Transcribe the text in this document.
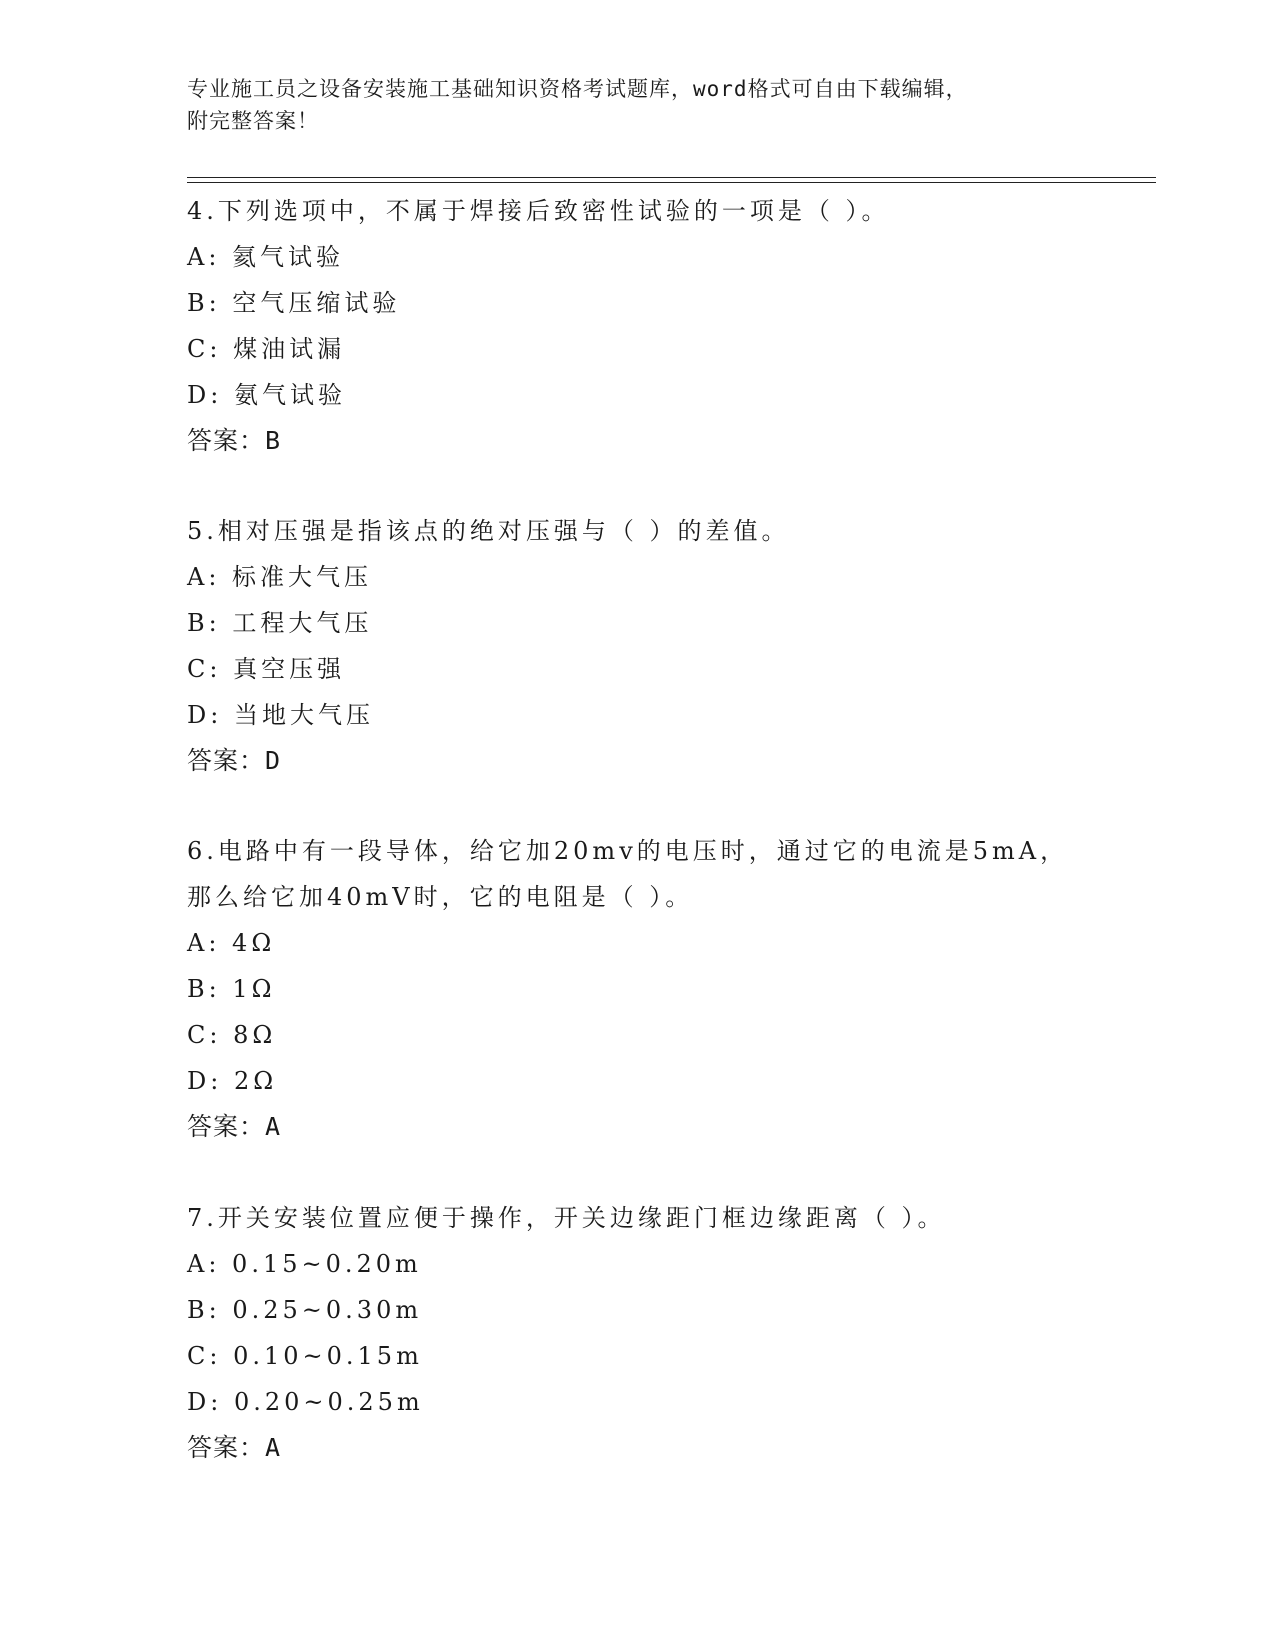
专业施工员之设备安装施工基础知识资格考试题库，word格式可自由下载编辑，
附完整答案！
4.下列选项中，不属于焊接后致密性试验的一项是（ ）。
A: 氦气试验
B: 空气压缩试验
C: 煤油试漏
D: 氨气试验
答案：B
5.相对压强是指该点的绝对压强与（ ）的差值。
A: 标准大气压
B: 工程大气压
C: 真空压强
D: 当地大气压
答案：D
6.电路中有一段导体，给它加20mv的电压时，通过它的电流是5mA，
那么给它加40mV时，它的电阻是（ ）。
A: 4Ω
B: 1Ω
C: 8Ω
D: 2Ω
答案：A
7.开关安装位置应便于操作，开关边缘距门框边缘距离（ ）。
A: 0.15~0.20m
B: 0.25~0.30m
C: 0.10~0.15m
D: 0.20~0.25m
答案：A
